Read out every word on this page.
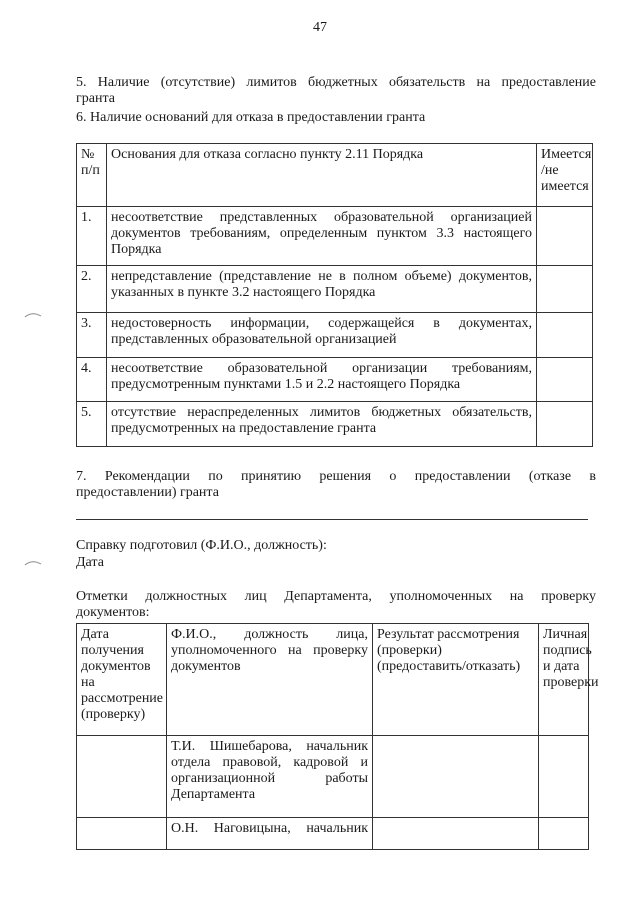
47
5. Наличие (отсутствие) лимитов бюджетных обязательств на предоставление
гранта
6. Наличие оснований для отказа в предоставлении гранта
№ п/п	Основания для отказа согласно пункту 2.11 Порядка	Имеется /не имеется
1.	несоответствие представленных образовательной организацией документов требованиям, определенным пунктом 3.3 настоящего Порядка	
2.	непредставление (представление не в полном объеме) документов, указанных в пункте 3.2 настоящего Порядка	
3.	недостоверность информации, содержащейся в документах, представленных образовательной организацией	
4.	несоответствие образовательной организации требованиям, предусмотренным пунктами 1.5 и 2.2 настоящего Порядка	
5.	отсутствие нераспределенных лимитов бюджетных обязательств, предусмотренных на предоставление гранта	
7. Рекомендации по принятию решения о предоставлении (отказе в
предоставлении) гранта
Справку подготовил (Ф.И.О., должность):
Дата
Отметки должностных лиц Департамента, уполномоченных на проверку
документов:
Дата получения документов на рассмотрение (проверку)	Ф.И.О., должность лица, уполномоченного на проверку документов	Результат рассмотрения (проверки) (предоставить/отказать)	Личная подпись и дата проверки
	Т.И. Шишебарова, начальник отдела правовой, кадровой и организационной работы Департамента		
	О.Н. Наговицына, начальник		
